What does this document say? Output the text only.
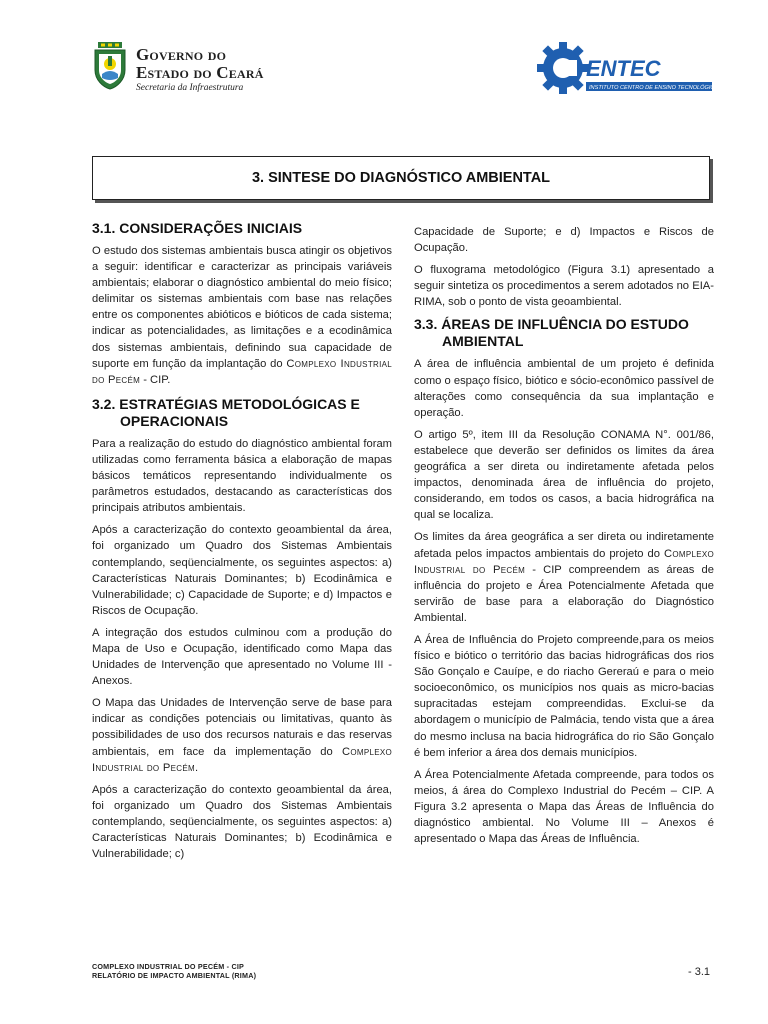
Governo do
Estado do Ceará
Secretaria da Infraestrutura
ENTEC
INSTITUTO CENTRO DE ENSINO TECNOLÓGICO
3. SINTESE DO DIAGNÓSTICO AMBIENTAL
3.1. CONSIDERAÇÕES INICIAIS

O estudo dos sistemas ambientais busca atingir os objetivos a seguir: identificar e caracterizar as principais variáveis ambientais; elaborar o diagnóstico ambiental do meio físico; delimitar os sistemas ambientais com base nas relações entre os componentes abióticos e bióticos de cada sistema; indicar as potencialidades, as limitações e a ecodinâmica dos sistemas ambientais, definindo sua capacidade de suporte em função da implantação do Complexo Industrial do Pecém - CIP.

3.2. ESTRATÉGIAS METODOLÓGICAS E
OPERACIONAIS

Para a realização do estudo do diagnóstico ambiental foram utilizadas como ferramenta básica a elaboração de mapas básicos temáticos representando individualmente os parâmetros estudados, destacando as características dos principais atributos ambientais.

Após a caracterização do contexto geoambiental da área, foi organizado um Quadro dos Sistemas Ambientais contemplando, seqüencialmente, os seguintes aspectos: a) Características Naturais Dominantes; b) Ecodinâmica e Vulnerabilidade; c) Capacidade de Suporte; e d) Impactos e Riscos de Ocupação.

A integração dos estudos culminou com a produção do Mapa de Uso e Ocupação, identificado como Mapa das Unidades de Intervenção que apresentado no Volume III - Anexos.

O Mapa das Unidades de Intervenção serve de base para indicar as condições potenciais ou limitativas, quanto às possibilidades de uso dos recursos naturais e das reservas ambientais, em face da implementação do Complexo Industrial do Pecém.

Após a caracterização do contexto geoambiental da área, foi organizado um Quadro dos Sistemas Ambientais contemplando, seqüencialmente, os seguintes aspectos: a) Características Naturais Dominantes; b) Ecodinâmica e Vulnerabilidade; c)

Capacidade de Suporte; e d) Impactos e Riscos de Ocupação.

O fluxograma metodológico (Figura 3.1) apresentado a seguir sintetiza os procedimentos a serem adotados no EIA-RIMA, sob o ponto de vista geoambiental.

3.3. ÁREAS DE INFLUÊNCIA DO ESTUDO
AMBIENTAL

A área de influência ambiental de um projeto é definida como o espaço físico, biótico e sócio-econômico passível de alterações como consequência da sua implantação e operação.

O artigo 5º, item III da Resolução CONAMA N°. 001/86, estabelece que deverão ser definidos os limites da área geográfica a ser direta ou indiretamente afetada pelos impactos, denominada área de influência do projeto, considerando, em todos os casos, a bacia hidrográfica na qual se localiza.

Os limites da área geográfica a ser direta ou indiretamente afetada pelos impactos ambientais do projeto do Complexo Industrial do Pecém - CIP compreendem as áreas de influência do projeto e Área Potencialmente Afetada que servirão de base para a elaboração do Diagnóstico Ambiental.

A Área de Influência do Projeto compreende,para os meios físico e biótico o território das bacias hidrográficas dos rios São Gonçalo e Cauípe, e do riacho Gereraú e para o meio socioeconômico, os municípios nos quais as micro-bacias supracitadas estejam compreendidas. Exclui-se da abordagem o município de Palmácia, tendo vista que a área do mesmo inclusa na bacia hidrográfica do rio São Gonçalo é bem inferior a área dos demais municípios.

A Área Potencialmente Afetada compreende, para todos os meios, á área do Complexo Industrial do Pecém – CIP. A Figura 3.2 apresenta o Mapa das Áreas de Influência do diagnóstico ambiental. No Volume III – Anexos é apresentado o Mapa das Áreas de Influência.

COMPLEXO INDUSTRIAL DO PECÉM - CIP
RELATÓRIO DE IMPACTO AMBIENTAL (RIMA)	- 3.1
